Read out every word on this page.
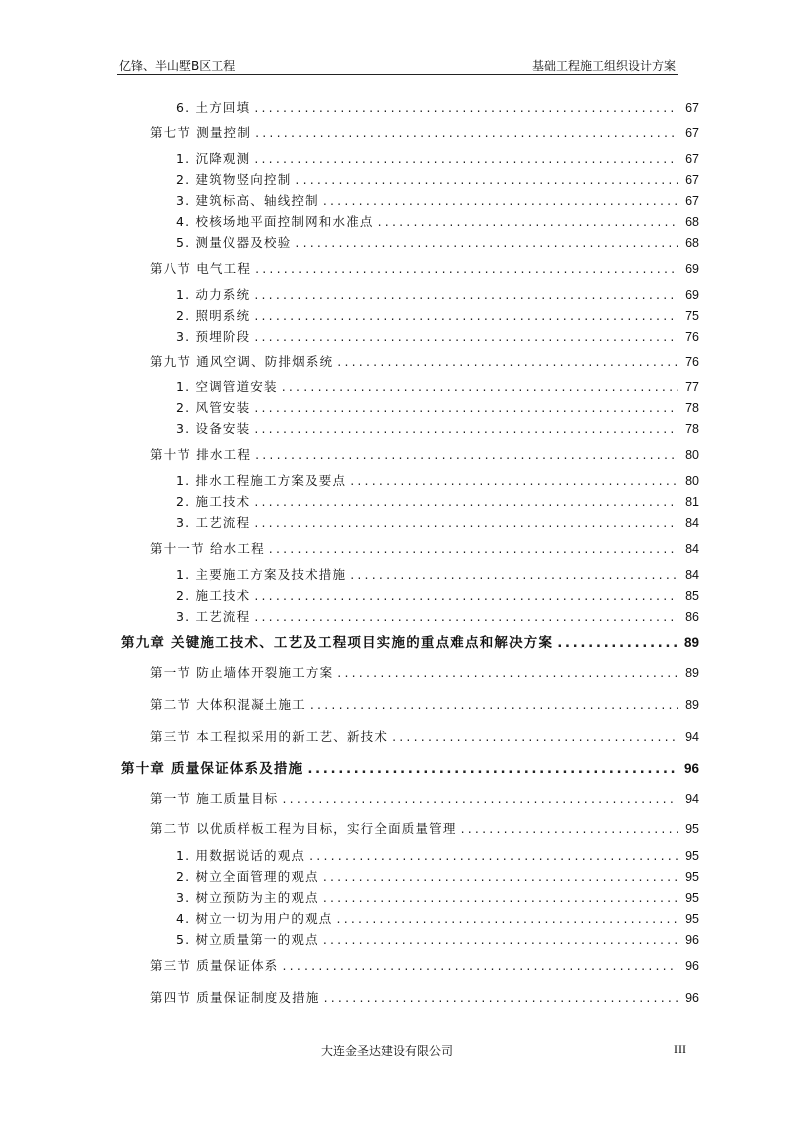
亿锋、半山墅B区工程	基础工程施工组织设计方案
6. 土方回填 .....	67
第七节 测量控制 .....	67
1. 沉降观测 .....	67
2. 建筑物竖向控制 .....	67
3. 建筑标高、轴线控制 .....	67
4. 校核场地平面控制网和水准点 .....	68
5. 测量仪器及校验 .....	68
第八节 电气工程 .....	69
1. 动力系统 .....	69
2. 照明系统 .....	75
3. 预埋阶段 .....	76
第九节 通风空调、防排烟系统 .....	76
1. 空调管道安装 .....	77
2. 风管安装 .....	78
3. 设备安装 .....	78
第十节 排水工程 .....	80
1. 排水工程施工方案及要点 .....	80
2. 施工技术 .....	81
3. 工艺流程 .....	84
第十一节 给水工程 .....	84
1. 主要施工方案及技术措施 .....	84
2. 施工技术 .....	85
3. 工艺流程 .....	86
第九章 关键施工技术、工艺及工程项目实施的重点难点和解决方案 .....	89
第一节 防止墙体开裂施工方案 .....	89
第二节 大体积混凝土施工 .....	89
第三节 本工程拟采用的新工艺、新技术 .....	94
第十章 质量保证体系及措施 .....	96
第一节 施工质量目标 .....	94
第二节 以优质样板工程为目标，实行全面质量管理 .....	95
1. 用数据说话的观点 .....	95
2. 树立全面管理的观点 .....	95
3. 树立预防为主的观点 .....	95
4. 树立一切为用户的观点 .....	95
5. 树立质量第一的观点 .....	96
第三节 质量保证体系 .....	96
第四节 质量保证制度及措施 .....	96
大连金圣达建设有限公司	III
